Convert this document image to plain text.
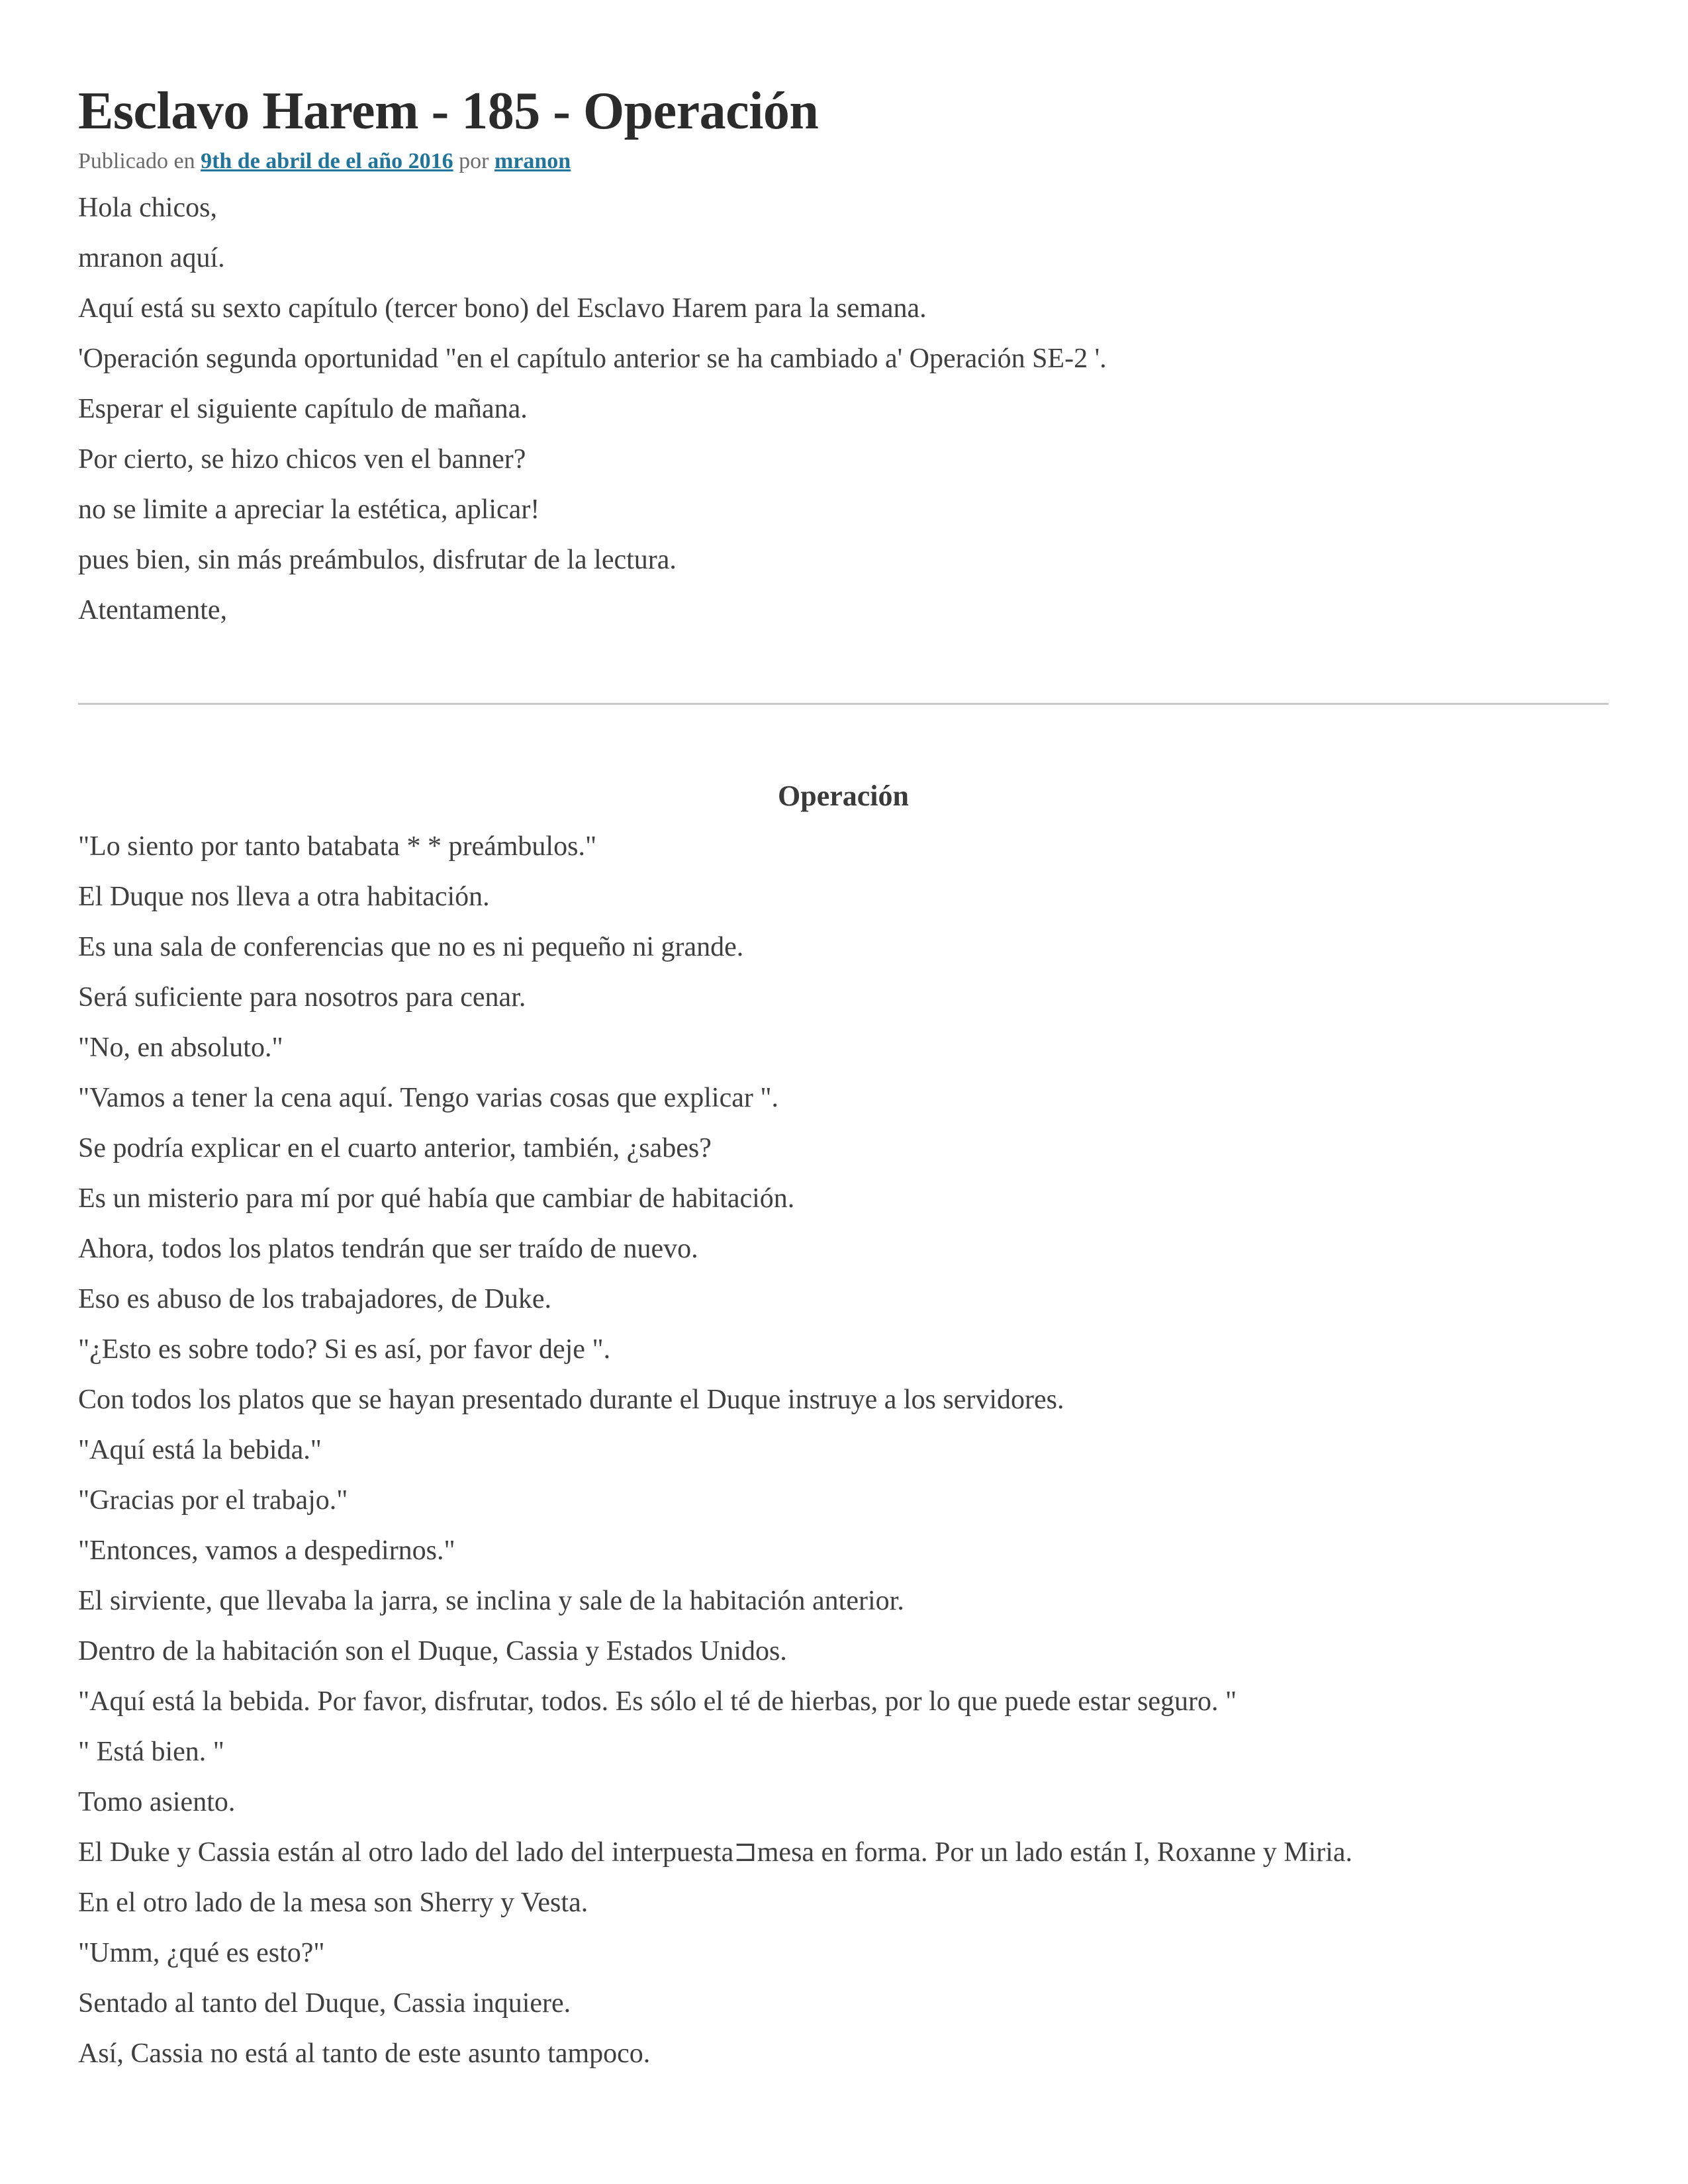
Esclavo Harem - 185 - Operación
Publicado en 9th de abril de el año 2016 por mranon

Hola chicos,

mranon aquí.

Aquí está su sexto capítulo (tercer bono) del Esclavo Harem para la semana.

'Operación segunda oportunidad "en el capítulo anterior se ha cambiado a' Operación SE-2 '.

Esperar el siguiente capítulo de mañana.

Por cierto, se hizo chicos ven el banner?

no se limite a apreciar la estética, aplicar!

pues bien, sin más preámbulos, disfrutar de la lectura.

Atentamente,

Operación

"Lo siento por tanto batabata * * preámbulos."

El Duque nos lleva a otra habitación.

Es una sala de conferencias que no es ni pequeño ni grande.

Será suficiente para nosotros para cenar.

"No, en absoluto."

"Vamos a tener la cena aquí. Tengo varias cosas que explicar ".

Se podría explicar en el cuarto anterior, también, ¿sabes?

Es un misterio para mí por qué había que cambiar de habitación.

Ahora, todos los platos tendrán que ser traído de nuevo.

Eso es abuso de los trabajadores, de Duke.

"¿Esto es sobre todo? Si es así, por favor deje ".

Con todos los platos que se hayan presentado durante el Duque instruye a los servidores.

"Aquí está la bebida."

"Gracias por el trabajo."

"Entonces, vamos a despedirnos."

El sirviente, que llevaba la jarra, se inclina y sale de la habitación anterior.

Dentro de la habitación son el Duque, Cassia y Estados Unidos.

"Aquí está la bebida. Por favor, disfrutar, todos. Es sólo el té de hierbas, por lo que puede estar seguro. "

" Está bien. "

Tomo asiento.

El Duke y Cassia están al otro lado del lado del interpuesta⊐mesa en forma. Por un lado están I, Roxanne y Miria.

En el otro lado de la mesa son Sherry y Vesta.

"Umm, ¿qué es esto?"

Sentado al tanto del Duque, Cassia inquiere.

Así, Cassia no está al tanto de este asunto tampoco.
